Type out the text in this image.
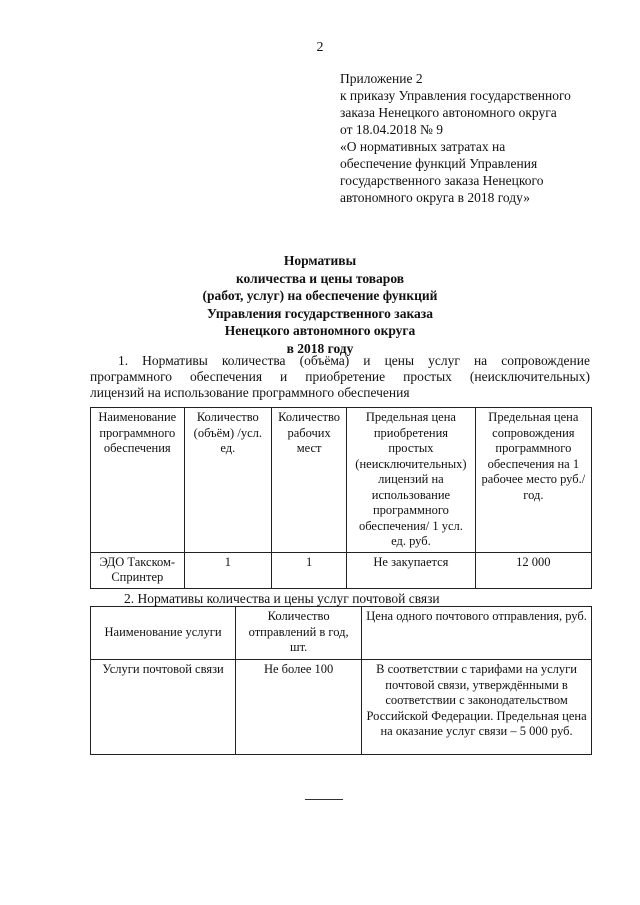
2
Приложение 2
к приказу Управления государственного
заказа Ненецкого автономного округа
от 18.04.2018 № 9
«О нормативных затратах на
обеспечение функций Управления
государственного заказа Ненецкого
автономного округа в 2018 году»
Нормативы
количества и цены товаров
(работ, услуг) на обеспечение функций
Управления государственного заказа
Ненецкого автономного округа
в 2018 году
1. Нормативы количества (объёма) и цены услуг на сопровождение
программного обеспечения и приобретение простых (неисключительных)
лицензий на использование программного обеспечения
Наименование программного обеспечения	Количество (объём) /усл. ед.	Количество рабочих мест	Предельная цена приобретения простых (неисключительных) лицензий на использование программного обеспечения/ 1 усл. ед. руб.	Предельная цена сопровождения программного обеспечения на 1 рабочее место руб./год.
ЭДО Такском-Спринтер	1	1	Не закупается	12 000
2. Нормативы количества и цены услуг почтовой связи
Наименование услуги	Количество отправлений в год, шт.	Цена одного почтового отправления, руб.
Услуги почтовой связи	Не более 100	В соответствии с тарифами на услуги почтовой связи, утверждёнными в соответствии с законодательством Российской Федерации. Предельная цена на оказание услуг связи – 5 000 руб.
